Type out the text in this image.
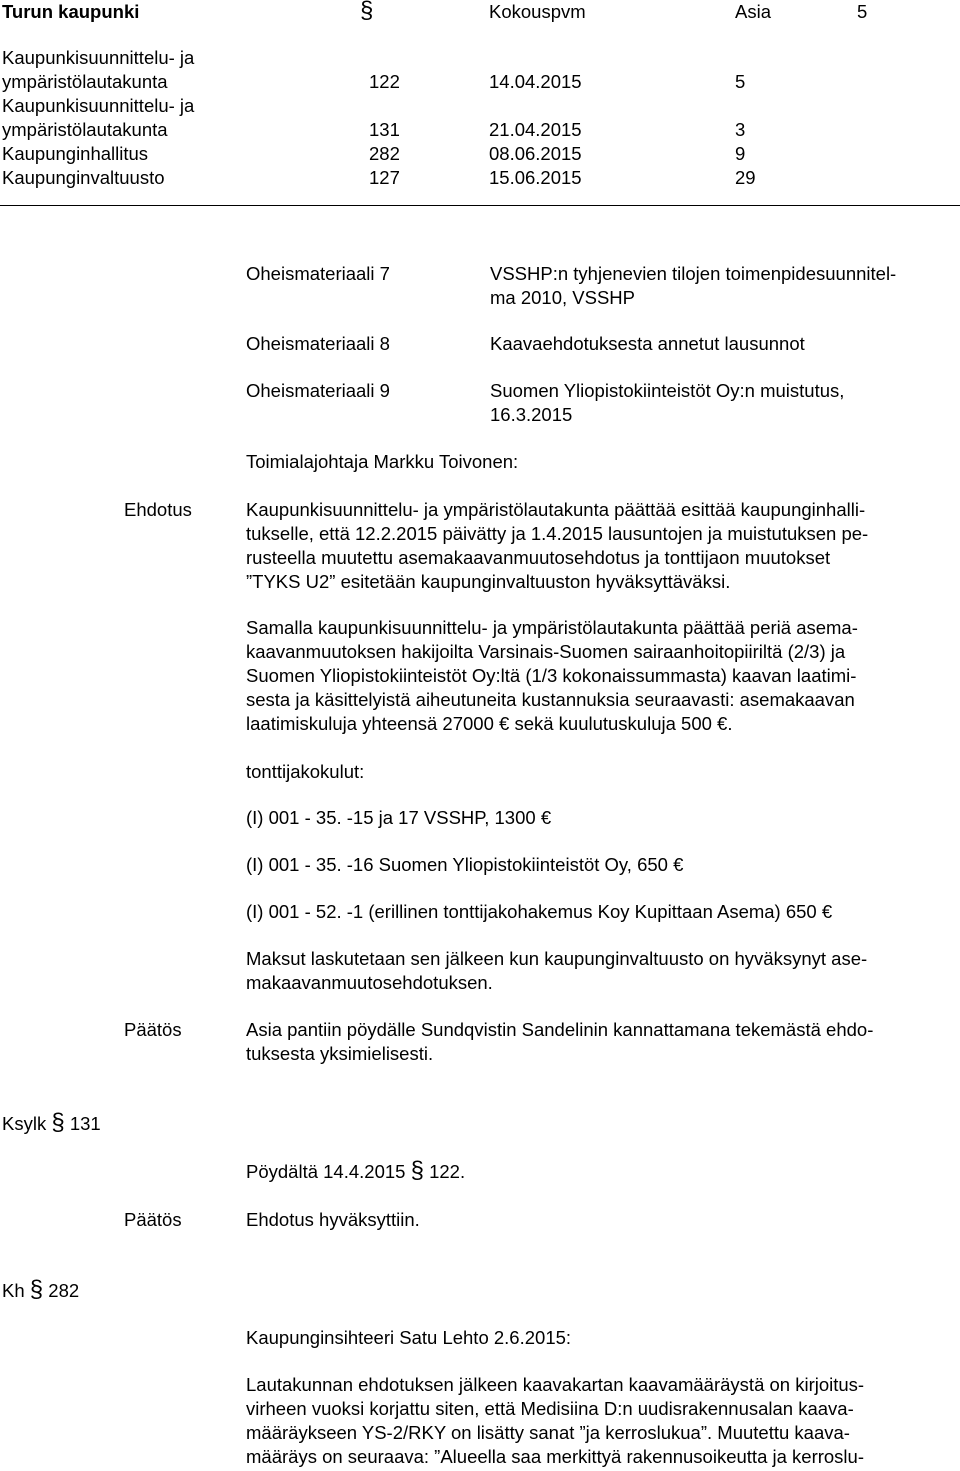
Turun kaupunki	§	Kokouspvm	Asia	5
Kaupunkisuunnittelu- ja
ympäristölautakunta	122	14.04.2015	5
Kaupunkisuunnittelu- ja
ympäristölautakunta	131	21.04.2015	3
Kaupunginhallitus	282	08.06.2015	9
Kaupunginvaltuusto	127	15.06.2015	29
Oheismateriaali 7	VSSHP:n tyhjenevien tilojen toimenpidesuunnitel-
ma 2010, VSSHP
Oheismateriaali 8	Kaavaehdotuksesta annetut lausunnot
Oheismateriaali 9	Suomen Yliopistokiinteistöt Oy:n muistutus,
16.3.2015
Toimialajohtaja Markku Toivonen:
Ehdotus	Kaupunkisuunnittelu- ja ympäristölautakunta päättää esittää kaupunginhalli-
tukselle, että 12.2.2015 päivätty ja 1.4.2015 lausuntojen ja muistutuksen pe-
rusteella muutettu asemakaavanmuutosehdotus ja tonttijaon muutokset
”TYKS U2” esitetään kaupunginvaltuuston hyväksyttäväksi.
Samalla kaupunkisuunnittelu- ja ympäristölautakunta päättää periä asema-
kaavanmuutoksen hakijoilta Varsinais-Suomen sairaanhoitopiiriltä (2/3) ja
Suomen Yliopistokiinteistöt Oy:ltä (1/3 kokonaissummasta) kaavan laatimi-
sesta ja käsittelyistä aiheutuneita kustannuksia seuraavasti: asemakaavan
laatimiskuluja yhteensä 27000 € sekä kuulutuskuluja 500 €.
tonttijakokulut:
(I) 001 - 35. -15 ja 17 VSSHP, 1300 €
(I) 001 - 35. -16 Suomen Yliopistokiinteistöt Oy, 650 €
(I) 001 - 52. -1 (erillinen tonttijakohakemus Koy Kupittaan Asema) 650 €
Maksut laskutetaan sen jälkeen kun kaupunginvaltuusto on hyväksynyt ase-
makaavanmuutosehdotuksen.
Päätös	Asia pantiin pöydälle Sundqvistin Sandelinin kannattamana tekemästä ehdo-
tuksesta yksimielisesti.
Ksylk § 131
Pöydältä 14.4.2015 § 122.
Päätös	Ehdotus hyväksyttiin.
Kh § 282
Kaupunginsihteeri Satu Lehto 2.6.2015:
Lautakunnan ehdotuksen jälkeen kaavakartan kaavamääräystä on kirjoitus-
virheen vuoksi korjattu siten, että Medisiina D:n uudisrakennusalan kaava-
määräykseen YS-2/RKY on lisätty sanat ”ja kerroslukua”. Muutettu kaava-
määräys on seuraava: ”Alueella saa merkittyä rakennusoikeutta ja kerroslu-
